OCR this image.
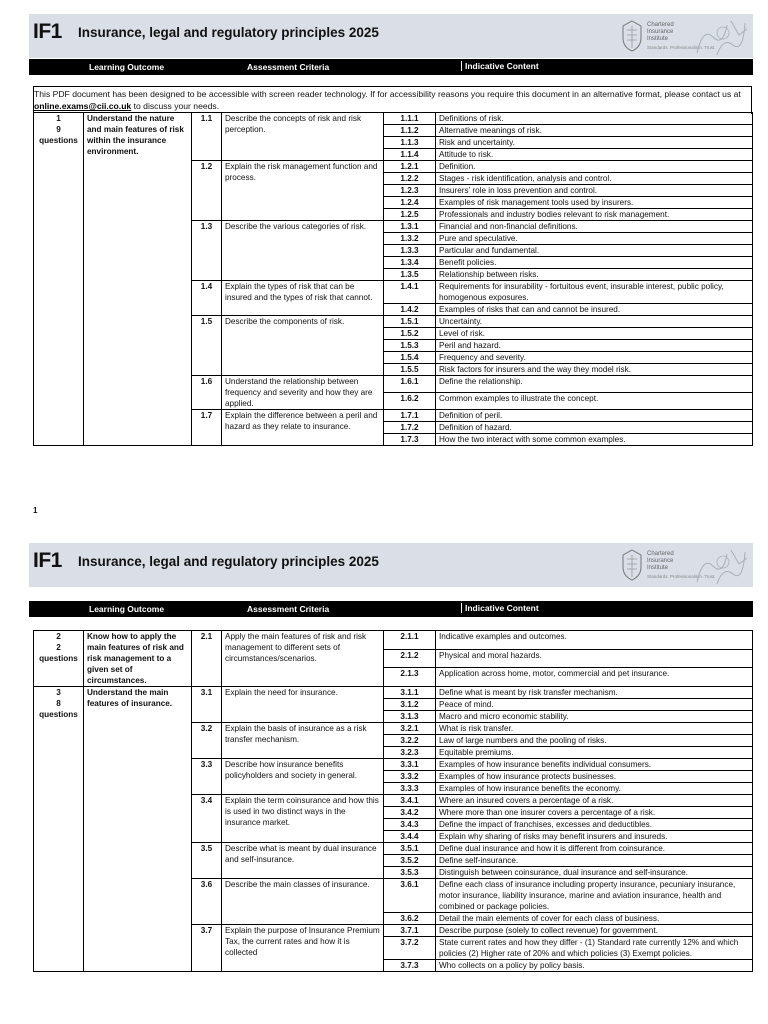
IF1 Insurance, legal and regulatory principles 2025	Chartered
Insurance
Institute
Standards. Professionalism. Trust.
Learning Outcome	Assessment Criteria	Indicative Content
This PDF document has been designed to be accessible with screen reader technology. If for accessibility reasons you require this document in an alternative format, please contact us at online.exams@cii.co.uk to discuss your needs.
1
9
questions	Understand the nature and main features of risk within the insurance environment.	1.1	Describe the concepts of risk and risk perception.	1.1.1	Definitions of risk.
				1.1.2	Alternative meanings of risk.
				1.1.3	Risk and uncertainty.
				1.1.4	Attitude to risk.
		1.2	Explain the risk management function and process.	1.2.1	Definition.
				1.2.2	Stages - risk identification, analysis and control.
				1.2.3	Insurers’ role in loss prevention and control.
				1.2.4	Examples of risk management tools used by insurers.
				1.2.5	Professionals and industry bodies relevant to risk management.
		1.3	Describe the various categories of risk.	1.3.1	Financial and non-financial definitions.
				1.3.2	Pure and speculative.
				1.3.3	Particular and fundamental.
				1.3.4	Benefit policies.
				1.3.5	Relationship between risks.
		1.4	Explain the types of risk that can be insured and the types of risk that cannot.	1.4.1	Requirements for insurability - fortuitous event, insurable interest, public policy, homogenous exposures.
				1.4.2	Examples of risks that can and cannot be insured.
		1.5	Describe the components of risk.	1.5.1	Uncertainty.
				1.5.2	Level of risk.
				1.5.3	Peril and hazard.
				1.5.4	Frequency and severity.
				1.5.5	Risk factors for insurers and the way they model risk.
		1.6	Understand the relationship between frequency and severity and how they are applied.	1.6.1	Define the relationship.
				1.6.2	Common examples to illustrate the concept.
		1.7	Explain the difference between a peril and hazard as they relate to insurance.	1.7.1	Definition of peril.
				1.7.2	Definition of hazard.
				1.7.3	How the two interact with some common examples.
1
IF1 Insurance, legal and regulatory principles 2025	Chartered
Insurance
Institute
Standards. Professionalism. Trust.
Learning Outcome	Assessment Criteria	Indicative Content
2
2
questions	Know how to apply the main features of risk and risk management to a given set of circumstances.	2.1	Apply the main features of risk and risk management to different sets of circumstances/scenarios.	2.1.1	Indicative examples and outcomes.
				2.1.2	Physical and moral hazards.
				2.1.3	Application across home, motor, commercial and pet insurance.

3
8
questions	Understand the main features of insurance.	3.1	Explain the need for insurance.	3.1.1	Define what is meant by risk transfer mechanism.
				3.1.2	Peace of mind.
				3.1.3	Macro and micro economic stability.
		3.2	Explain the basis of insurance as a risk transfer mechanism.	3.2.1	What is risk transfer.
				3.2.2	Law of large numbers and the pooling of risks.
				3.2.3	Equitable premiums.
		3.3	Describe how insurance benefits policyholders and society in general.	3.3.1	Examples of how insurance benefits individual consumers.
				3.3.2	Examples of how insurance protects businesses.
				3.3.3	Examples of how insurance benefits the economy.
		3.4	Explain the term coinsurance and how this is used in two distinct ways in the insurance market.	3.4.1	Where an insured covers a percentage of a risk.
				3.4.2	Where more than one insurer covers a percentage of a risk.
				3.4.3	Define the impact of franchises, excesses and deductibles.
				3.4.4	Explain why sharing of risks may benefit insurers and insureds.
		3.5	Describe what is meant by dual insurance and self-insurance.	3.5.1	Define dual insurance and how it is different from coinsurance.
				3.5.2	Define self-insurance.
				3.5.3	Distinguish between coinsurance, dual insurance and self-insurance.
		3.6	Describe the main classes of insurance.	3.6.1	Define each class of insurance including property insurance, pecuniary insurance, motor insurance, liability insurance, marine and aviation insurance, health and combined or package policies.
				3.6.2	Detail the main elements of cover for each class of business.
		3.7	Explain the purpose of Insurance Premium Tax, the current rates and how it is collected	3.7.1	Describe purpose (solely to collect revenue) for government.
				3.7.2	State current rates and how they differ - (1) Standard rate currently 12% and which policies (2) Higher rate of 20% and which policies (3) Exempt policies.
				3.7.3	Who collects on a policy by policy basis.
